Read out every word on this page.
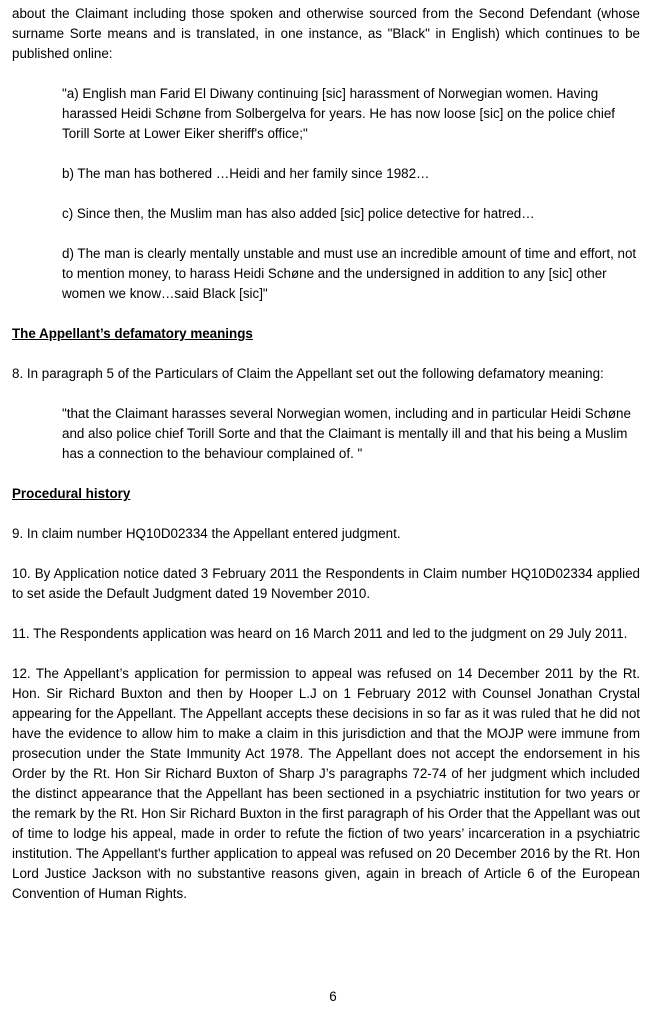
about the Claimant including those spoken and otherwise sourced from the Second Defendant (whose surname Sorte means and is translated, in one instance, as "Black" in English) which continues to be published online:

"a) English man Farid El Diwany continuing [sic] harassment of Norwegian women. Having harassed Heidi Schøne from Solbergelva for years. He has now loose [sic] on the police chief Torill Sorte at Lower Eiker sheriff's office;"

b) The man has bothered …Heidi and her family since 1982…

c) Since then, the Muslim man has also added [sic] police detective for hatred…

d) The man is clearly mentally unstable and must use an incredible amount of time and effort, not to mention money, to harass Heidi Schøne and the undersigned in addition to any [sic] other women we know…said Black [sic]"

The Appellant’s defamatory meanings

8. In paragraph 5 of the Particulars of Claim the Appellant set out the following defamatory meaning:

"that the Claimant harasses several Norwegian women, including and in particular Heidi Schøne and also police chief Torill Sorte and that the Claimant is mentally ill and that his being a Muslim has a connection to the behaviour complained of. "

Procedural history

9. In claim number HQ10D02334 the Appellant entered judgment.

10. By Application notice dated 3 February 2011 the Respondents in Claim number HQ10D02334 applied to set aside the Default Judgment dated 19 November 2010.

11. The Respondents application was heard on 16 March 2011 and led to the judgment on 29 July 2011.

12. The Appellant’s application for permission to appeal was refused on 14 December 2011 by the Rt. Hon. Sir Richard Buxton and then by Hooper L.J on 1 February 2012 with Counsel Jonathan Crystal appearing for the Appellant. The Appellant accepts these decisions in so far as it was ruled that he did not have the evidence to allow him to make a claim in this jurisdiction and that the MOJP were immune from prosecution under the State Immunity Act 1978. The Appellant does not accept the endorsement in his Order by the Rt. Hon Sir Richard Buxton of Sharp J’s paragraphs 72-74 of her judgment which included the distinct appearance that the Appellant has been sectioned in a psychiatric institution for two years or the remark by the Rt. Hon Sir Richard Buxton in the first paragraph of his Order that the Appellant was out of time to lodge his appeal, made in order to refute the fiction of two years’ incarceration in a psychiatric institution. The Appellant's further application to appeal was refused on 20 December 2016 by the Rt. Hon Lord Justice Jackson with no substantive reasons given, again in breach of Article 6 of the European Convention of Human Rights.

6
